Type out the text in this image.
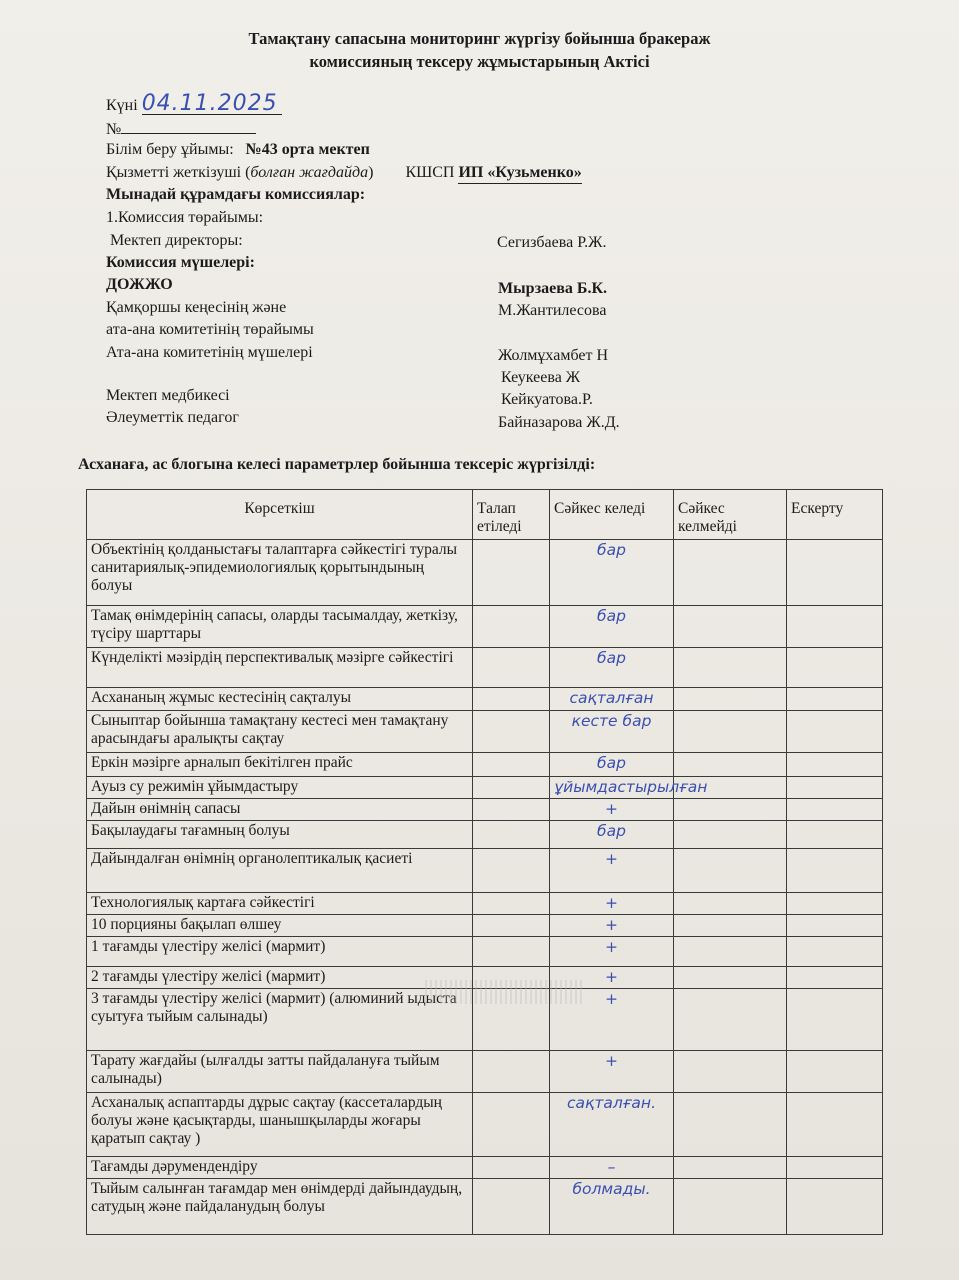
Тамақтану сапасына мониторинг жүргізу бойынша бракераж
комиссияның тексеру жұмыстарының Актісі
Күні 04.11.2025
№
Білім беру ұйымы: №43 орта мектеп
Қызметті жеткізуші (болған жағдайда) КШСП ИП «Кузьменко»
Мынадай құрамдағы комиссиялар:
1.Комиссия төрайымы:
Мектеп директоры:	Сегизбаева Р.Ж.
Комиссия мүшелері:
ДОЖЖО	Мырзаева Б.К.
Қамқоршы кеңесінің және	М.Жантилесова
ата-ана комитетінің төрайымы
Ата-ана комитетінің мүшелері	Жолмұхамбет Н
Кеукеева Ж
Мектеп медбикесі	Кейкуатова.Р.
Әлеуметтік педагог	Байназарова Ж.Д.
Асханаға, ас блогына келесі параметрлер бойынша тексеріс жүргізілді:
Көрсеткіш	Талап етіледі	Сәйкес келеді	Сәйкес келмейді	Ескерту
Объектінің қолданыстағы талаптарға сәйкестігі туралы санитариялық-эпидемиологиялық қорытындының болуы		бар		
Тамақ өнімдерінің сапасы, оларды тасымалдау, жеткізу, түсіру шарттары		бар		
Күнделікті мәзірдің перспективалық мәзірге сәйкестігі		бар		
Асхананың жұмыс кестесінің сақталуы		сақталған		
Сыныптар бойынша тамақтану кестесі мен тамақтану арасындағы аралықты сақтау		кесте бар		
Еркін мәзірге арналып бекітілген прайс		бар		
Ауыз су режимін ұйымдастыру		ұйымдастырылған		
Дайын өнімнің сапасы		+		
Бақылаудағы тағамның болуы		бар		
Дайындалған өнімнің органолептикалық қасиеті		+		
Технологиялық картаға сәйкестігі		+		
10 порцияны бақылап өлшеу		+		
1 тағамды үлестіру желісі (мармит)		+		
2 тағамды үлестіру желісі (мармит)		+		
3 тағамды үлестіру желісі (мармит) (алюминий ыдыста суытуға тыйым салынады)		+		
Тарату жағдайы (ылғалды затты пайдалануға тыйым салынады)		+		
Асханалық аспаптарды дұрыс сақтау (кассеталардың болуы және қасықтарды, шанышқыларды жоғары қаратып сақтау )		сақталған.		
Тағамды дәрумендендіру		–		
Тыйым салынған тағамдар мен өнімдерді дайындаудың, сатудың және пайдаланудың болуы		болмады.		
